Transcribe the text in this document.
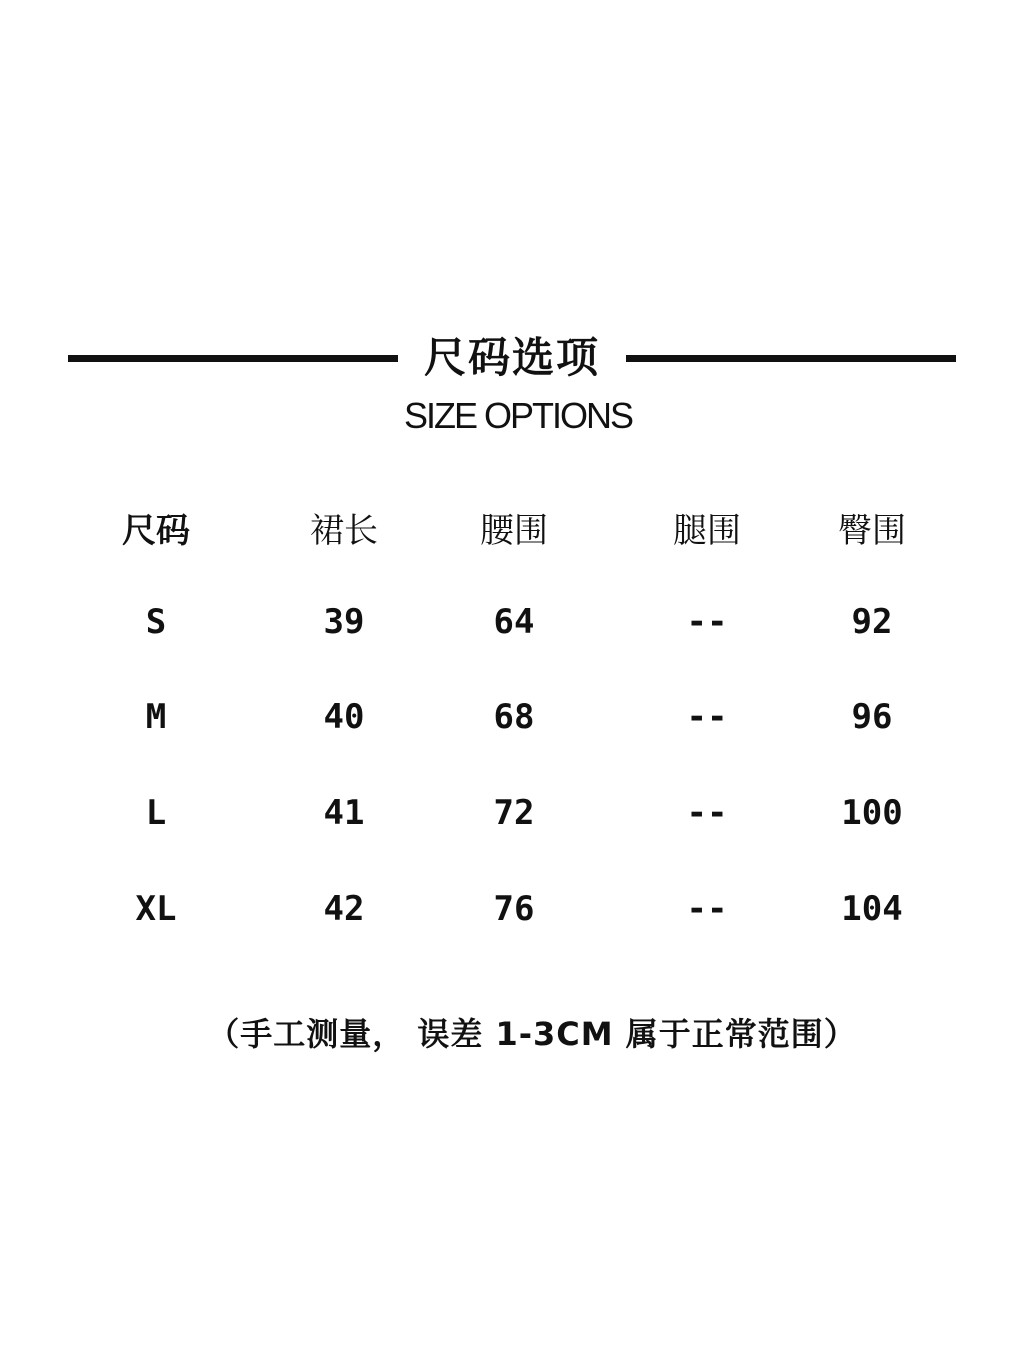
尺码选项
SIZE OPTIONS
尺码	裙长	腰围	腿围	臀围
S	39	64	--	92
M	40	68	--	96
L	41	72	--	100
XL	42	76	--	104
（手工测量， 误差 1-3CM 属于正常范围）
